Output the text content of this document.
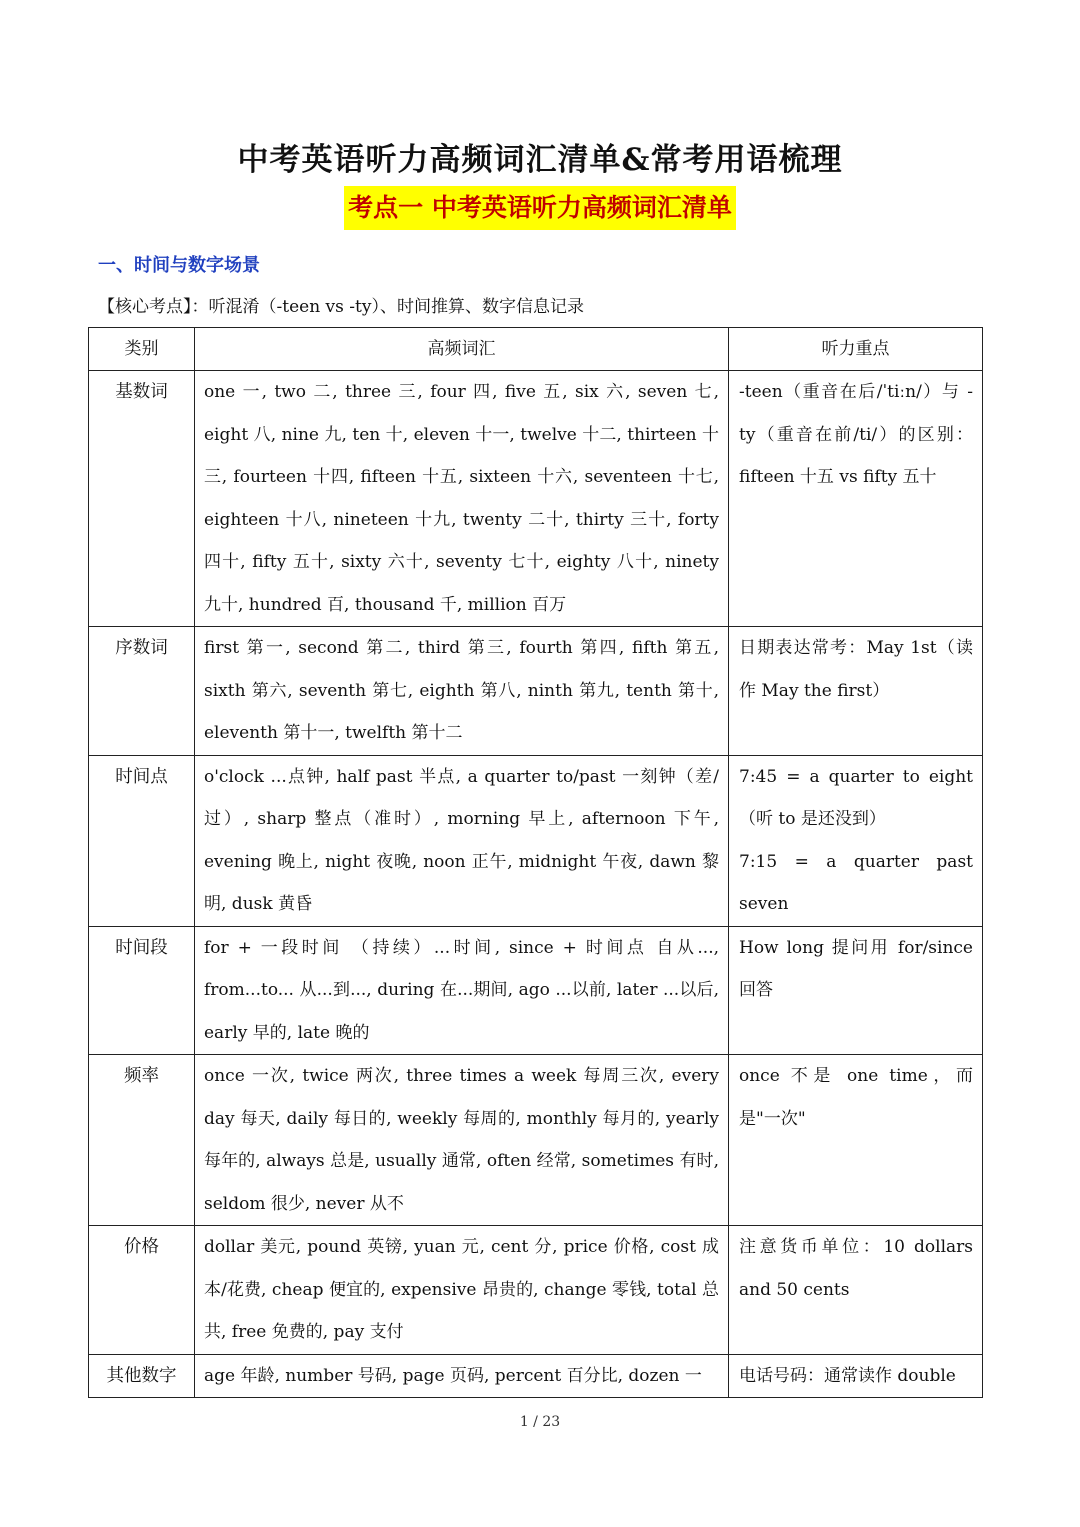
中考英语听力高频词汇清单&常考用语梳理
考点一 中考英语听力高频词汇清单
一、时间与数字场景
【核心考点】：听混淆（-teen vs -ty）、时间推算、数字信息记录
类别	高频词汇	听力重点
基数词	one 一, two 二, three 三, four 四, five 五, six 六, seven 七, eight 八, nine 九, ten 十, eleven 十一, twelve 十二, thirteen 十三, fourteen 十四, fifteen 十五, sixteen 十六, seventeen 十七, eighteen 十八, nineteen 十九, twenty 二十, thirty 三十, forty 四十, fifty 五十, sixty 六十, seventy 七十, eighty 八十, ninety 九十, hundred 百, thousand 千, million 百万	-teen（重音在后/ˈtiːn/）与 -ty（重音在前/ti/）的区别：fifteen 十五 vs fifty 五十
序数词	first 第一, second 第二, third 第三, fourth 第四, fifth 第五, sixth 第六, seventh 第七, eighth 第八, ninth 第九, tenth 第十, eleventh 第十一, twelfth 第十二	日期表达常考：May 1st（读作 May the first）
时间点	o'clock ...点钟, half past 半点, a quarter to/past 一刻钟（差/过）, sharp 整点（准时）, morning 早上, afternoon 下午, evening 晚上, night 夜晚, noon 正午, midnight 午夜, dawn 黎明, dusk 黄昏	7:45 = a quarter to eight（听 to 是还没到）
7:15 = a quarter past seven

时间段	for + 一段时间 （持续）...时间, since + 时间点 自从..., from...to... 从...到..., during 在...期间, ago ...以前, later ...以后, early 早的, late 晚的	How long 提问用 for/since 回答
频率	once 一次, twice 两次, three times a week 每周三次, every day 每天, daily 每日的, weekly 每周的, monthly 每月的, yearly 每年的, always 总是, usually 通常, often 经常, sometimes 有时, seldom 很少, never 从不	once 不是 one time，而是"一次"
价格	dollar 美元, pound 英镑, yuan 元, cent 分, price 价格, cost 成本/花费, cheap 便宜的, expensive 昂贵的, change 零钱, total 总共, free 免费的, pay 支付	注意货币单位：10 dollars and 50 cents
其他数字	age 年龄, number 号码, page 页码, percent 百分比, dozen 一	电话号码：通常读作 double
1 / 23
